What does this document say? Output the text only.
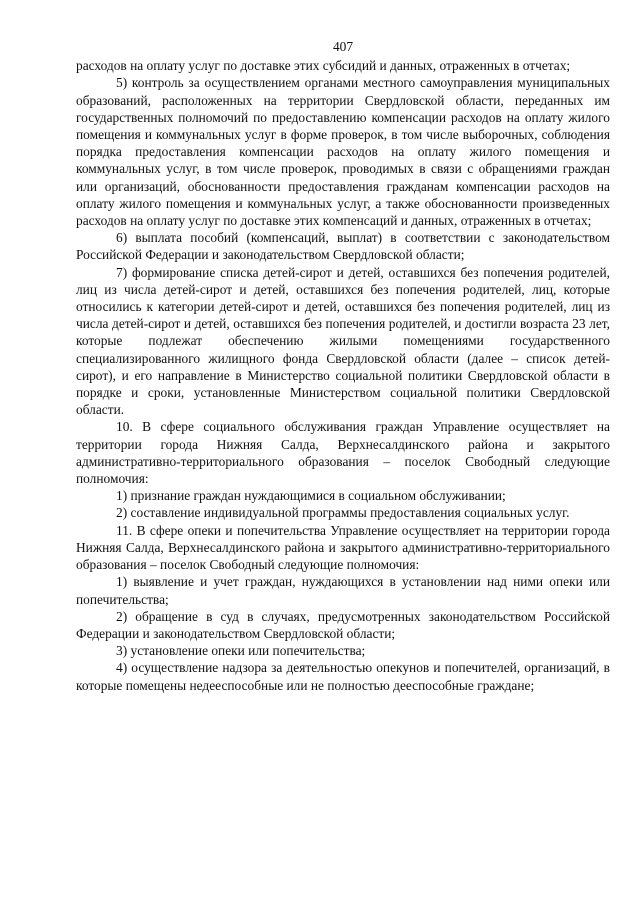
407

расходов на оплату услуг по доставке этих субсидий и данных, отраженных в отчетах;

5) контроль за осуществлением органами местного самоуправления муниципальных образований, расположенных на территории Свердловской области, переданных им государственных полномочий по предоставлению компенсации расходов на оплату жилого помещения и коммунальных услуг в форме проверок, в том числе выборочных, соблюдения порядка предоставления компенсации расходов на оплату жилого помещения и коммунальных услуг, в том числе проверок, проводимых в связи с обращениями граждан или организаций, обоснованности предоставления гражданам компенсации расходов на оплату жилого помещения и коммунальных услуг, а также обоснованности произведенных расходов на оплату услуг по доставке этих компенсаций и данных, отраженных в отчетах;

6) выплата пособий (компенсаций, выплат) в соответствии с законодательством Российской Федерации и законодательством Свердловской области;

7) формирование списка детей-сирот и детей, оставшихся без попечения родителей, лиц из числа детей-сирот и детей, оставшихся без попечения родителей, лиц, которые относились к категории детей-сирот и детей, оставшихся без попечения родителей, лиц из числа детей-сирот и детей, оставшихся без попечения родителей, и достигли возраста 23 лет, которые подлежат обеспечению жилыми помещениями государственного специализированного жилищного фонда Свердловской области (далее – список детей-сирот), и его направление в Министерство социальной политики Свердловской области в порядке и сроки, установленные Министерством социальной политики Свердловской области.

10. В сфере социального обслуживания граждан Управление осуществляет на территории города Нижняя Салда, Верхнесалдинского района и закрытого административно-территориального образования – поселок Свободный следующие полномочия:

1) признание граждан нуждающимися в социальном обслуживании;

2) составление индивидуальной программы предоставления социальных услуг.

11. В сфере опеки и попечительства Управление осуществляет на территории города Нижняя Салда, Верхнесалдинского района и закрытого административно-территориального образования – поселок Свободный следующие полномочия:

1) выявление и учет граждан, нуждающихся в установлении над ними опеки или попечительства;

2) обращение в суд в случаях, предусмотренных законодательством Российской Федерации и законодательством Свердловской области;

3) установление опеки или попечительства;

4) осуществление надзора за деятельностью опекунов и попечителей, организаций, в которые помещены недееспособные или не полностью дееспособные граждане;
